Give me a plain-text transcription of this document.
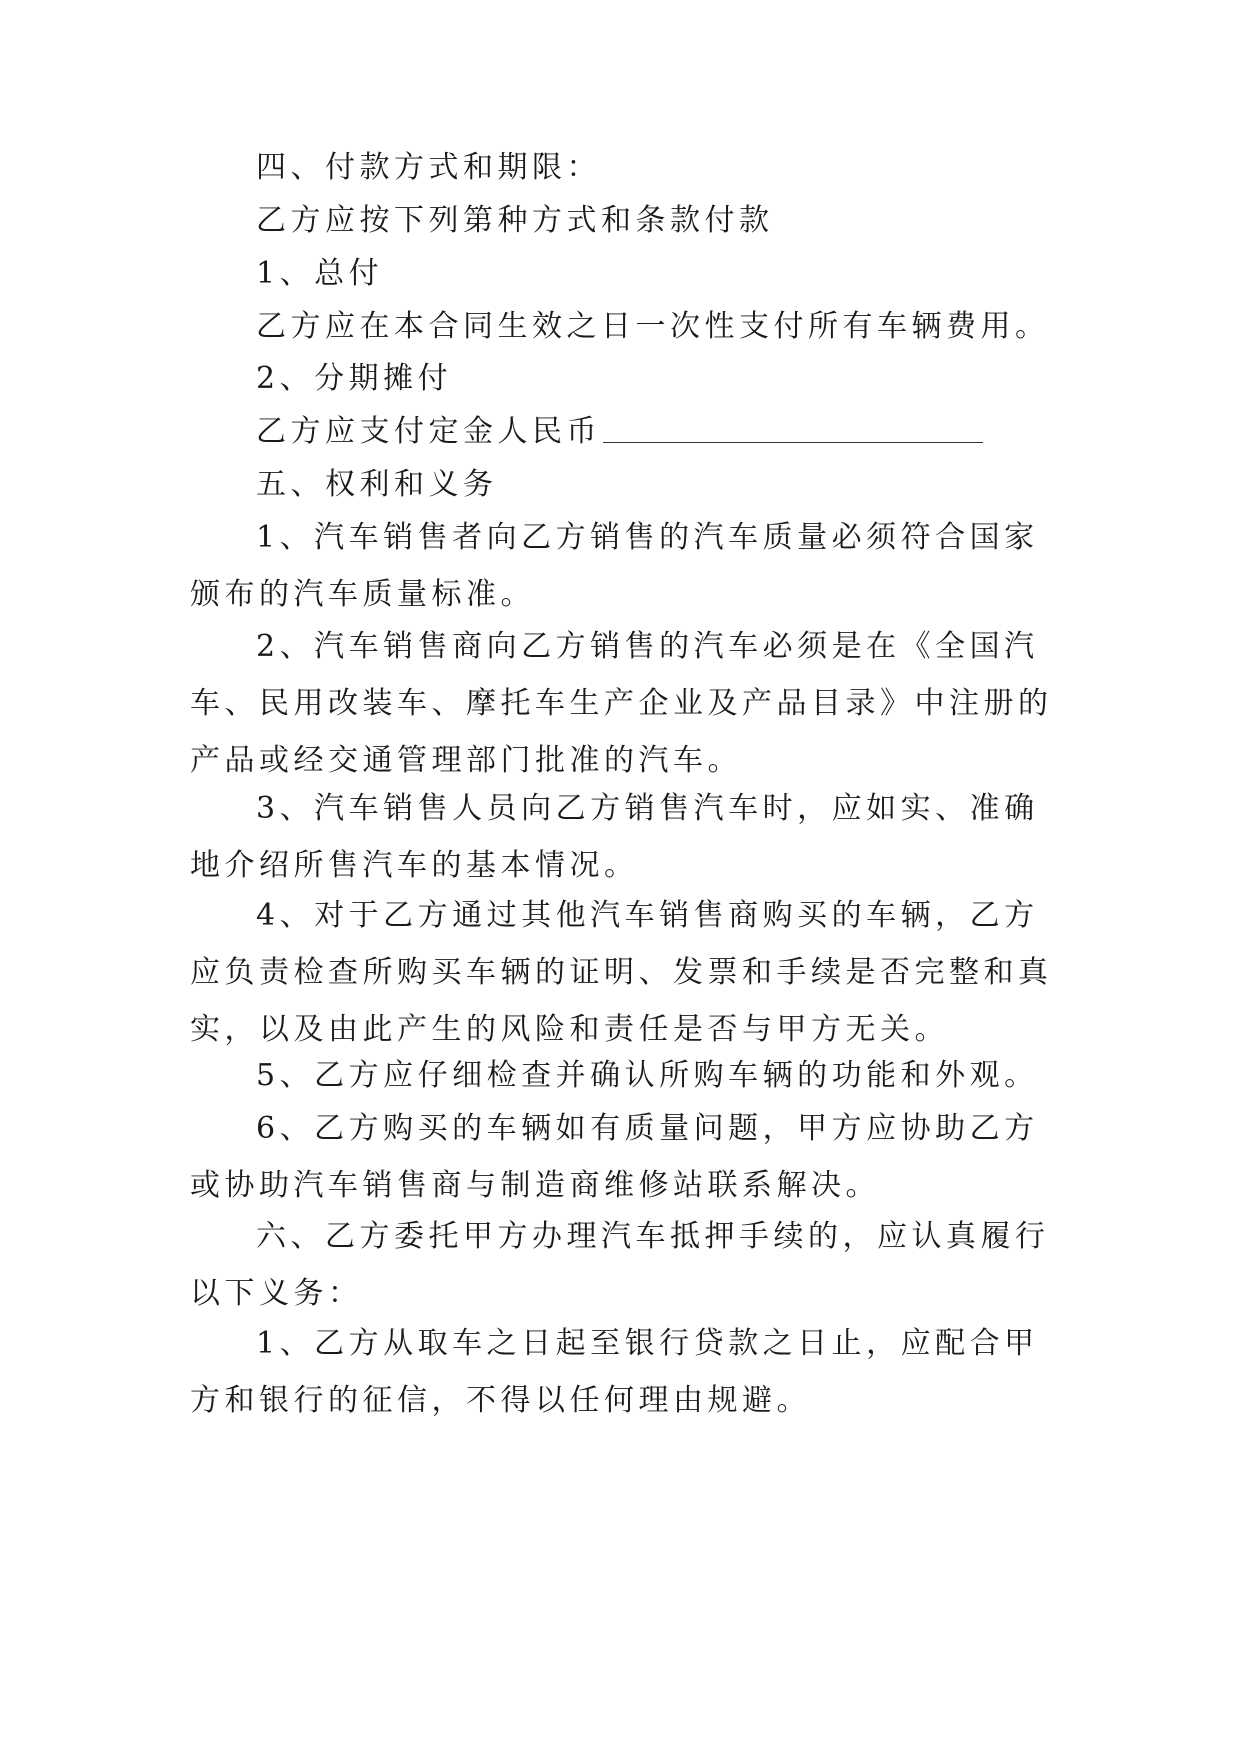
四、付款方式和期限：

乙方应按下列第种方式和条款付款

1、总付

乙方应在本合同生效之日一次性支付所有车辆费用。

2、分期摊付

乙方应支付定金人民币

五、权利和义务

1、汽车销售者向乙方销售的汽车质量必须符合国家颁布的汽车质量标准。

2、汽车销售商向乙方销售的汽车必须是在《全国汽车、民用改装车、摩托车生产企业及产品目录》中注册的产品或经交通管理部门批准的汽车。

3、汽车销售人员向乙方销售汽车时，应如实、准确地介绍所售汽车的基本情况。

4、对于乙方通过其他汽车销售商购买的车辆，乙方应负责检查所购买车辆的证明、发票和手续是否完整和真实，以及由此产生的风险和责任是否与甲方无关。

5、乙方应仔细检查并确认所购车辆的功能和外观。

6、乙方购买的车辆如有质量问题，甲方应协助乙方或协助汽车销售商与制造商维修站联系解决。

六、乙方委托甲方办理汽车抵押手续的，应认真履行以下义务：

1、乙方从取车之日起至银行贷款之日止，应配合甲方和银行的征信，不得以任何理由规避。
